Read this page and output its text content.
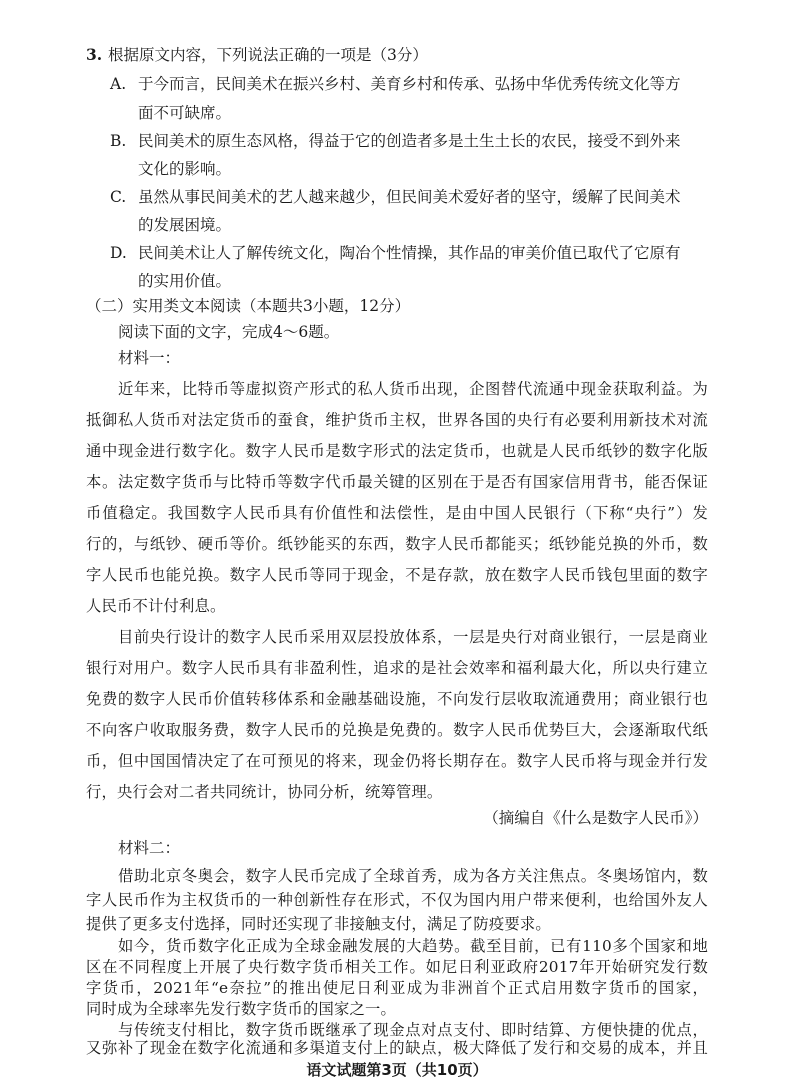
3. 根据原文内容，下列说法正确的一项是（3分）
A. 于今而言，民间美术在振兴乡村、美育乡村和传承、弘扬中华优秀传统文化等方
面不可缺席。
B. 民间美术的原生态风格，得益于它的创造者多是土生土长的农民，接受不到外来
文化的影响。
C. 虽然从事民间美术的艺人越来越少，但民间美术爱好者的坚守，缓解了民间美术
的发展困境。
D. 民间美术让人了解传统文化，陶冶个性情操，其作品的审美价值已取代了它原有
的实用价值。
（二）实用类文本阅读（本题共3小题，12分）
阅读下面的文字，完成4～6题。
材料一：
近年来，比特币等虚拟资产形式的私人货币出现，企图替代流通中现金获取利益。为
抵御私人货币对法定货币的蚕食，维护货币主权，世界各国的央行有必要利用新技术对流
通中现金进行数字化。数字人民币是数字形式的法定货币，也就是人民币纸钞的数字化版
本。法定数字货币与比特币等数字代币最关键的区别在于是否有国家信用背书，能否保证
币值稳定。我国数字人民币具有价值性和法偿性，是由中国人民银行（下称“央行”）发
行的，与纸钞、硬币等价。纸钞能买的东西，数字人民币都能买；纸钞能兑换的外币，数
字人民币也能兑换。数字人民币等同于现金，不是存款，放在数字人民币钱包里面的数字
人民币不计付利息。
目前央行设计的数字人民币采用双层投放体系，一层是央行对商业银行，一层是商业
银行对用户。数字人民币具有非盈利性，追求的是社会效率和福利最大化，所以央行建立
免费的数字人民币价值转移体系和金融基础设施，不向发行层收取流通费用；商业银行也
不向客户收取服务费，数字人民币的兑换是免费的。数字人民币优势巨大，会逐渐取代纸
币，但中国国情决定了在可预见的将来，现金仍将长期存在。数字人民币将与现金并行发
行，央行会对二者共同统计，协同分析，统筹管理。
（摘编自《什么是数字人民币》）
材料二：
借助北京冬奥会，数字人民币完成了全球首秀，成为各方关注焦点。冬奥场馆内，数
字人民币作为主权货币的一种创新性存在形式，不仅为国内用户带来便利，也给国外友人
提供了更多支付选择，同时还实现了非接触支付，满足了防疫要求。
如今，货币数字化正成为全球金融发展的大趋势。截至目前，已有110多个国家和地
区在不同程度上开展了央行数字货币相关工作。如尼日利亚政府2017年开始研究发行数
字货币，2021年“e奈拉”的推出使尼日利亚成为非洲首个正式启用数字货币的国家，
语文试题第3页（共10页）
同时成为全球率先发行数字货币的国家之一。
与传统支付相比，数字货币既继承了现金点对点支付、即时结算、方便快捷的优点，
又弥补了现金在数字化流通和多渠道支付上的缺点，极大降低了发行和交易的成本，并且
